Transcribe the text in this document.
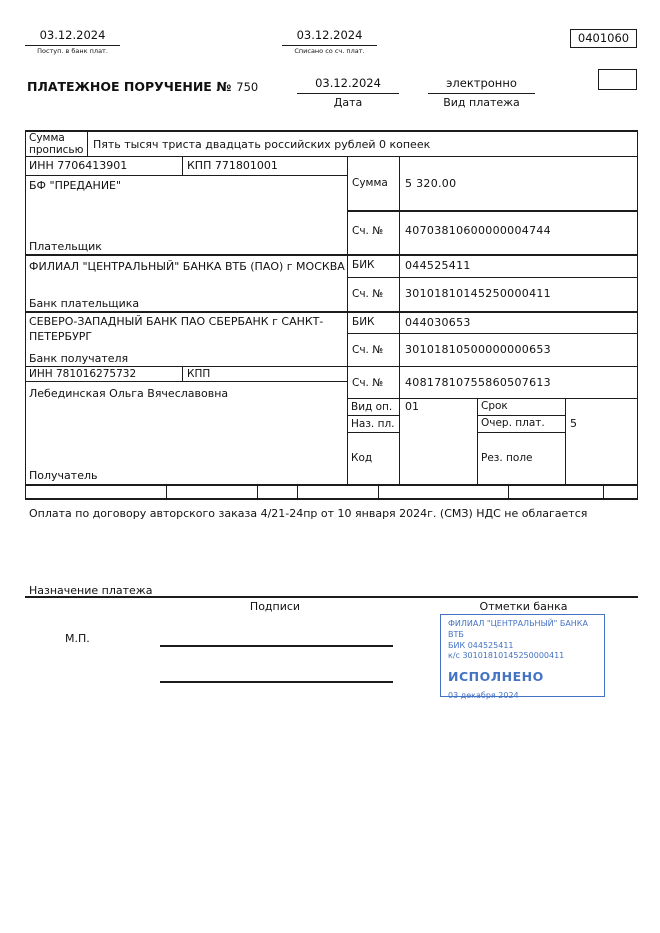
03.12.2024
Поступ. в банк плат.
03.12.2024
Списано со сч. плат.
0401060
ПЛАТЕЖНОЕ ПОРУЧЕНИЕ № 750	03.12.2024
Дата
электронно
Вид платежа
Сумма прописью Пять тысяч триста двадцать российских рублей 0 копеек
ИНН 7706413901	КПП 771801001
БФ "ПРЕДАНИЕ"
Плательщик
Сумма 5 320.00
Сч. № 40703810600000004744
ФИЛИАЛ "ЦЕНТРАЛЬНЫЙ" БАНКА ВТБ (ПАО) г МОСКВА
Банк плательщика
БИК	044525411
Сч. № 30101810145250000411
СЕВЕРО-ЗАПАДНЫЙ БАНК ПАО СБЕРБАНК г САНКТ-ПЕТЕРБУРГ
Банк получателя
БИК	044030653
Сч. № 30101810500000000653
ИНН 781016275732	КПП
Лебединская Ольга Вячеславовна
Получатель
Сч. № 40817810755860507613
Вид оп. 01	Срок
Наз. пл.	Очер. плат. 5
Код	Рез. поле
Оплата по договору авторского заказа 4/21-24пр от 10 января 2024г. (СМЗ) НДС не облагается
Назначение платежа
Подписи	Отметки банка
М.П.
ФИЛИАЛ "ЦЕНТРАЛЬНЫЙ" БАНКА ВТБ
БИК 044525411
к/с 30101810145250000411
ИСПОЛНЕНО
03 декабря 2024
